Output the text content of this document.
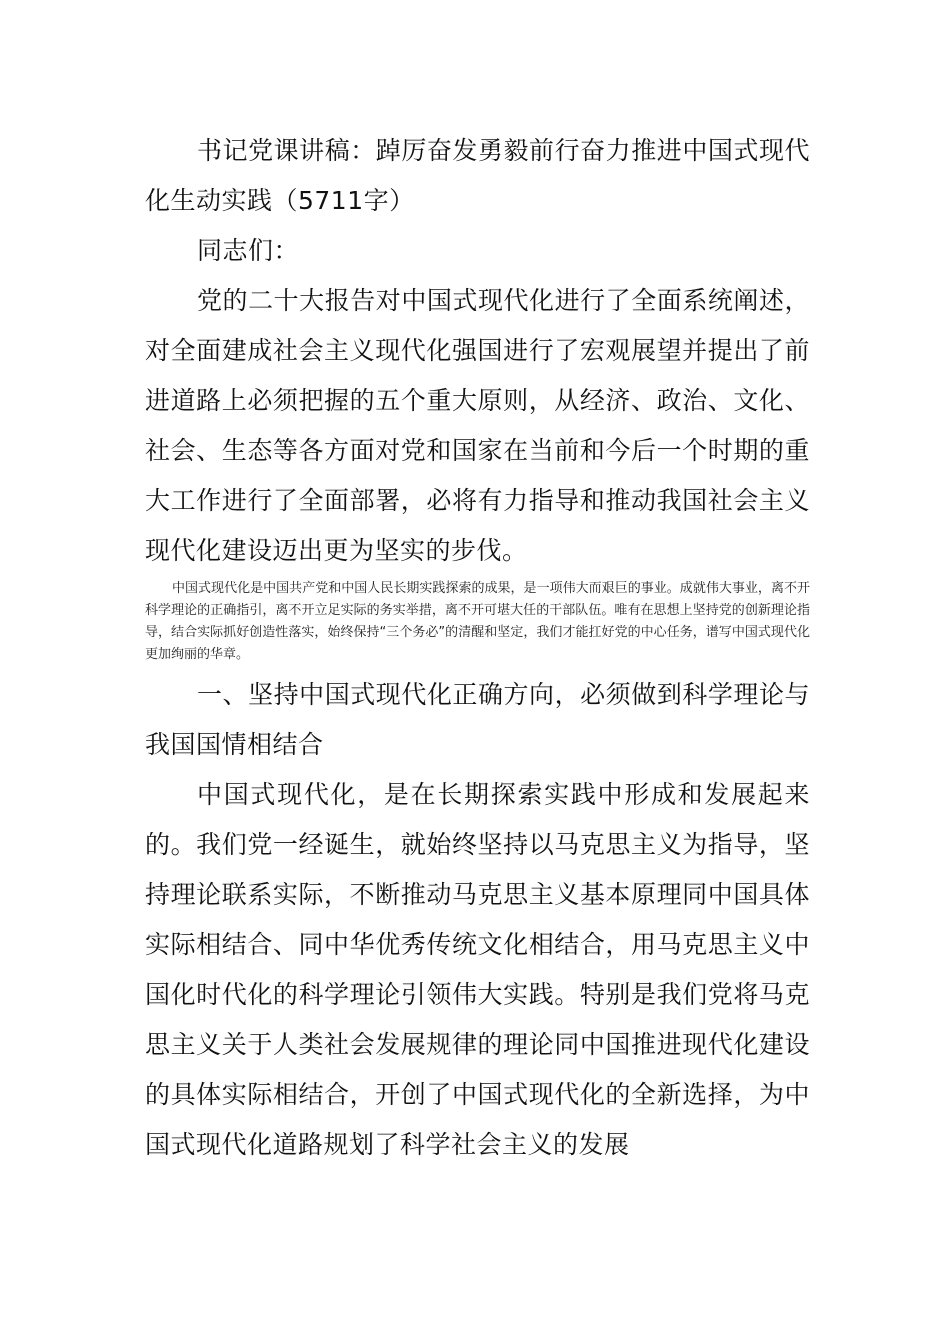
书记党课讲稿：踔厉奋发勇毅前行奋力推进中国式现代化生动实践（5711字）

同志们：

党的二十大报告对中国式现代化进行了全面系统阐述，对全面建成社会主义现代化强国进行了宏观展望并提出了前进道路上必须把握的五个重大原则，从经济、政治、文化、社会、生态等各方面对党和国家在当前和今后一个时期的重大工作进行了全面部署，必将有力指导和推动我国社会主义现代化建设迈出更为坚实的步伐。

中国式现代化是中国共产党和中国人民长期实践探索的成果，是一项伟大而艰巨的事业。成就伟大事业，离不开科学理论的正确指引，离不开立足实际的务实举措，离不开可堪大任的干部队伍。唯有在思想上坚持党的创新理论指导，结合实际抓好创造性落实，始终保持“三个务必”的清醒和坚定，我们才能扛好党的中心任务，谱写中国式现代化更加绚丽的华章。

一、坚持中国式现代化正确方向，必须做到科学理论与我国国情相结合

中国式现代化，是在长期探索实践中形成和发展起来的。我们党一经诞生，就始终坚持以马克思主义为指导，坚持理论联系实际，不断推动马克思主义基本原理同中国具体实际相结合、同中华优秀传统文化相结合，用马克思主义中国化时代化的科学理论引领伟大实践。特别是我们党将马克思主义关于人类社会发展规律的理论同中国推进现代化建设的具体实际相结合，开创了中国式现代化的全新选择，为中国式现代化道路规划了科学社会主义的发展
